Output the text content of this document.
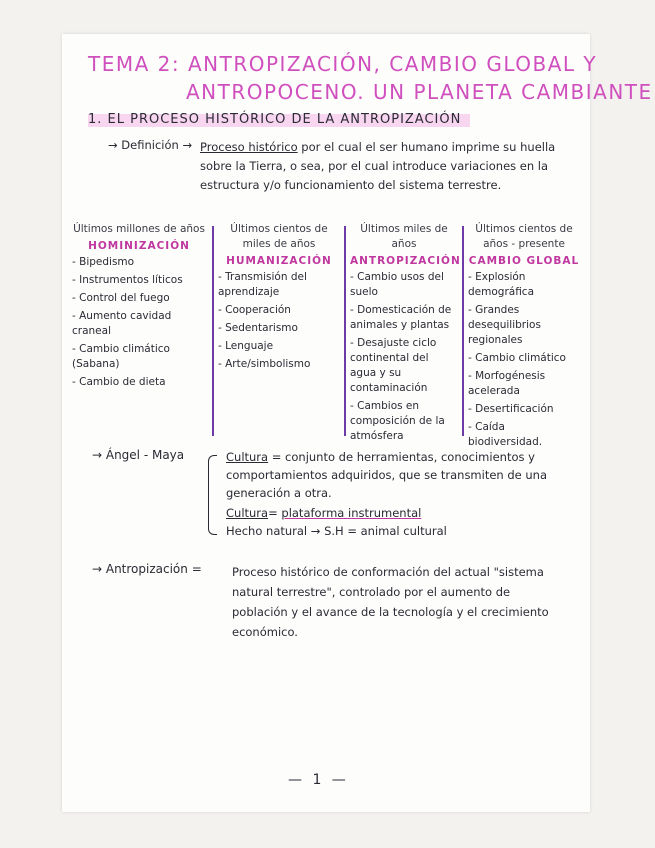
TEMA 2: ANTROPIZACIÓN, CAMBIO GLOBAL Y
ANTROPOCENO. UN PLANETA CAMBIANTE
1. EL PROCESO HISTÓRICO DE LA ANTROPIZACIÓN
→ Definición → Proceso histórico por el cual el ser humano imprime su huella sobre la Tierra, o sea, por el cual introduce variaciones en la estructura y/o funcionamiento del sistema terrestre.
Últimos millones de años
HOMINIZACIÓN
- Bipedismo
- Instrumentos líticos
- Control del fuego
- Aumento cavidad craneal
- Cambio climático (Sabana)
- Cambio de dieta
Últimos cientos de miles de años
HUMANIZACIÓN
- Transmisión del aprendizaje
- Cooperación
- Sedentarismo
- Lenguaje
- Arte/simbolismo
Últimos miles de años
ANTROPIZACIÓN
- Cambio usos del suelo
- Domesticación de animales y plantas
- Desajuste ciclo continental del agua y su contaminación
- Cambios en composición de la atmósfera
Últimos cientos de años - presente
CAMBIO GLOBAL
- Explosión demográfica
- Grandes desequilibrios regionales
- Cambio climático
- Morfogénesis acelerada
- Desertificación
- Caída biodiversidad.
→ Ángel - Maya	Cultura = conjunto de herramientas, conocimientos y comportamientos adquiridos, que se transmiten de una generación a otra.

Cultura= plataforma instrumental

Hecho natural → S.H = animal cultural

→ Antropización =	Proceso histórico de conformación del actual "sistema natural terrestre", controlado por el aumento de población y el avance de la tecnología y el crecimiento económico.
— 1 —
